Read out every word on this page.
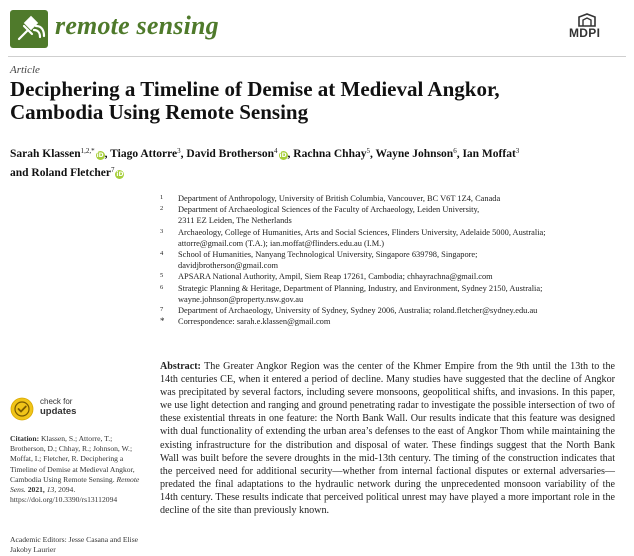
remote sensing	MDPI
Article
Deciphering a Timeline of Demise at Medieval Angkor, Cambodia Using Remote Sensing
Sarah Klassen$^{1,2,*}$iD, Tiago Attorre$^3$, David Brotherson$^4$iD, Rachna Chhay$^5$, Wayne Johnson$^6$, Ian Moffat$^3$
and Roland Fletcher$^7$iD
1 Department of Anthropology, University of British Columbia, Vancouver, BC V6T 1Z4, Canada
2 Department of Archaeological Sciences of the Faculty of Archaeology, Leiden University,
2311 EZ Leiden, The Netherlands
3 Archaeology, College of Humanities, Arts and Social Sciences, Flinders University, Adelaide 5000, Australia;
attorre@gmail.com (T.A.); ian.moffat@flinders.edu.au (I.M.)
4 School of Humanities, Nanyang Technological University, Singapore 639798, Singapore;
davidjbrotherson@gmail.com
5 APSARA National Authority, Ampil, Siem Reap 17261, Cambodia; chhayrachna@gmail.com
6 Strategic Planning & Heritage, Department of Planning, Industry, and Environment, Sydney 2150, Australia;
wayne.johnson@property.nsw.gov.au
7 Department of Archaeology, University of Sydney, Sydney 2006, Australia; roland.fletcher@sydney.edu.au
* Correspondence: sarah.e.klassen@gmail.com
check for
updates
Citation: Klassen, S.; Attorre, T.; Brotherson, D.; Chhay, R.; Johnson, W.; Moffat, I.; Fletcher, R. Deciphering a Timeline of Demise at Medieval Angkor, Cambodia Using Remote Sensing. Remote Sens. 2021, 13, 2094. https://doi.org/10.3390/rs13112094
Academic Editors: Jesse Casana and Elise Jakoby Laurier
Abstract: The Greater Angkor Region was the center of the Khmer Empire from the 9th until the 13th to the 14th centuries CE, when it entered a period of decline. Many studies have suggested that the decline of Angkor was precipitated by several factors, including severe monsoons, geopolitical shifts, and invasions. In this paper, we use light detection and ranging and ground penetrating radar to investigate the possible intersection of two of these existential threats in one feature: the North Bank Wall. Our results indicate that this feature was designed with dual functionality of extending the urban area’s defenses to the east of Angkor Thom while maintaining the existing infrastructure for the distribution and disposal of water. These findings suggest that the North Bank Wall was built before the severe droughts in the mid-13th century. The timing of the construction indicates that the perceived need for additional security—whether from internal factional disputes or external adversaries—predated the final adaptations to the hydraulic network during the unprecedented monsoon variability of the 14th century. These results indicate that perceived political unrest may have played a more important role in the decline of the site than previously known.
